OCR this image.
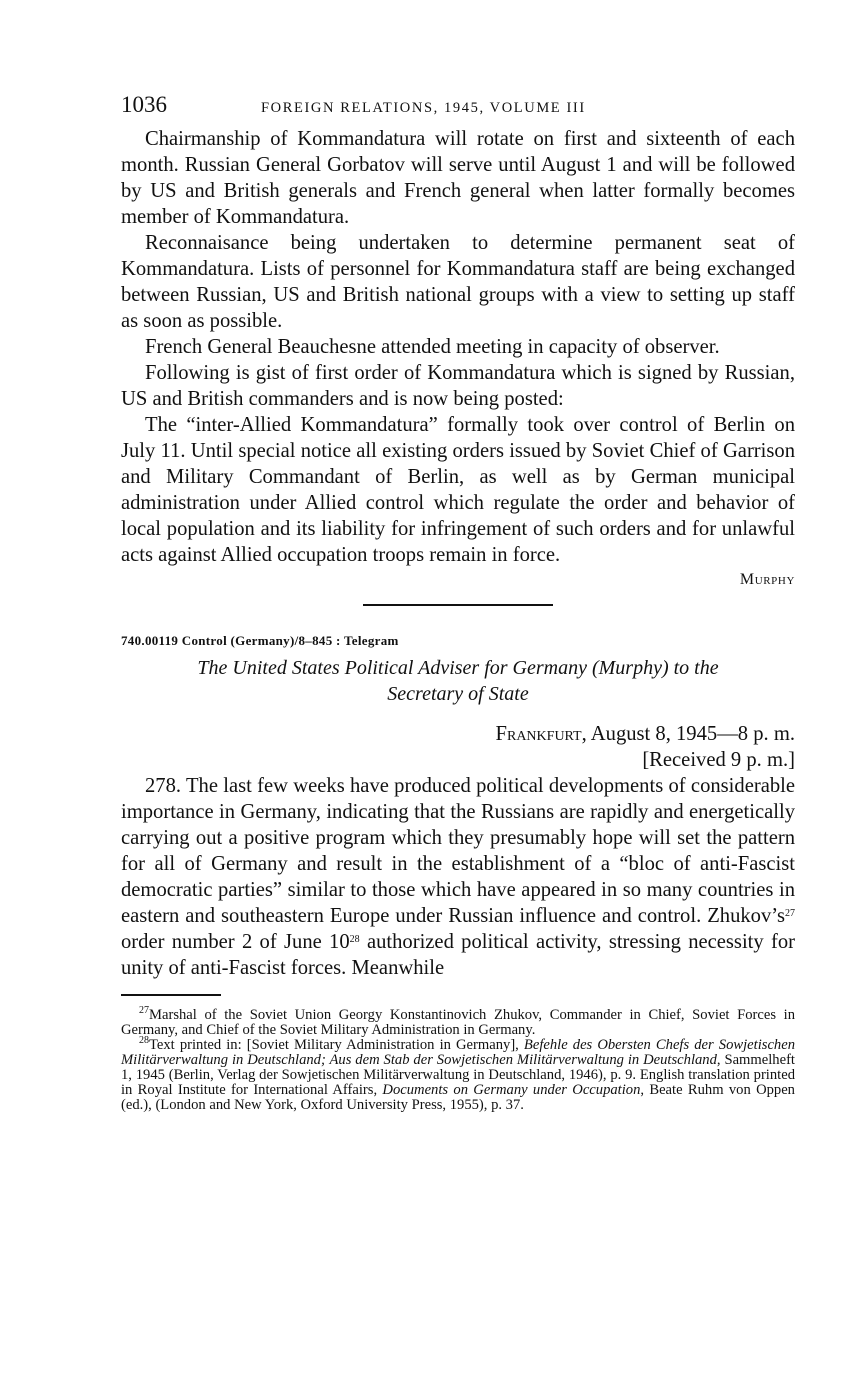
1036	FOREIGN RELATIONS, 1945, VOLUME III

Chairmanship of Kommandatura will rotate on first and sixteenth of each month. Russian General Gorbatov will serve until August 1 and will be followed by US and British generals and French general when latter formally becomes member of Kommandatura.

Reconnaisance being undertaken to determine permanent seat of Kommandatura. Lists of personnel for Kommandatura staff are being exchanged between Russian, US and British national groups with a view to setting up staff as soon as possible.

French General Beauchesne attended meeting in capacity of observer.

Following is gist of first order of Kommandatura which is signed by Russian, US and British commanders and is now being posted:

The “inter-Allied Kommandatura” formally took over control of Berlin on July 11. Until special notice all existing orders issued by Soviet Chief of Garrison and Military Commandant of Berlin, as well as by German municipal administration under Allied control which regulate the order and behavior of local population and its liability for infringement of such orders and for unlawful acts against Allied occupation troops remain in force.

Murphy
740.00119 Control (Germany)/8–845 : Telegram
The United States Political Adviser for Germany (Murphy) to the
Secretary of State
Frankfurt, August 8, 1945—8 p. m.
[Received 9 p. m.]

278. The last few weeks have produced political developments of considerable importance in Germany, indicating that the Russians are rapidly and energetically carrying out a positive program which they presumably hope will set the pattern for all of Germany and result in the establishment of a “bloc of anti-Fascist democratic parties” similar to those which have appeared in so many countries in eastern and southeastern Europe under Russian influence and control. $Zhukov’s^{27}$ order number 2 of June $10^{28}$ authorized political activity, stressing necessity for unity of anti-Fascist forces. Meanwhile

$^{27}$Marshal of the Soviet Union Georgy Konstantinovich Zhukov, Commander in Chief, Soviet Forces in Germany, and Chief of the Soviet Military Administration in Germany.

$^{28}$Text printed in: [Soviet Military Administration in Germany], Befehle des Obersten Chefs der Sowjetischen Militärverwaltung in Deutschland; Aus dem Stab der Sowjetischen Militärverwaltung in Deutschland, Sammelheft 1, 1945 (Berlin, Verlag der Sowjetischen Militärverwaltung in Deutschland, 1946), p. 9. English translation printed in Royal Institute for International Affairs, Documents on Germany under Occupation, Beate Ruhm von Oppen (ed.), (London and New York, Oxford University Press, 1955), p. 37.
